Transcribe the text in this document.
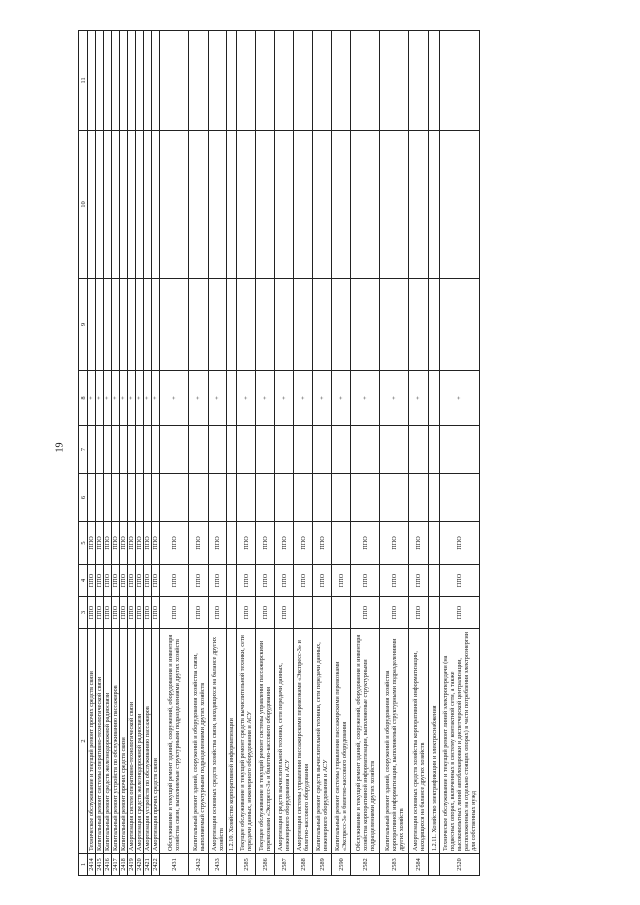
19
1	2	3	4	5	6	7	8	9	10	11
2414	Техническое обслуживание и текущий ремонт прочих средств связи	ППО	ППО	ППО			+			
2415	Капитальный ремонт системы оперативно-технологической связи	ППО	ППО	ППО			+			
2416	Капитальный ремонт средств железнодорожной радиосвязи	ППО	ППО	ППО			+			
2417	Капитальный ремонт устройств по обслуживанию пассажиров	ППО	ППО	ППО			+			
2418	Капитальный ремонт прочих средств связи	ППО	ППО	ППО			+			
2419	Амортизация систем оперативно-технологической связи	ППО	ППО	ППО			+			
2420	Амортизация средств железнодорожной радиосвязи	ППО	ППО	ППО			+			
2421	Амортизация устройств по обслуживанию пассажиров	ППО	ППО	ППО			+			
2422	Амортизация прочих средств связи	ППО	ППО	ППО			+			
2431	Обслуживание и текущий ремонт зданий, сооружений, оборудования и инвентаря хозяйства связи, выполняемые структурными подразделениями других хозяйств	ППО	ППО	ППО			+			
2432	Капитальный ремонт зданий, сооружений и оборудования хозяйства связи, выполняемый структурными подразделениями других хозяйств	ППО	ППО	ППО			+			
2433	Амортизация основных средств хозяйства связи, находящихся на балансе других хозяйств	ППО	ППО	ППО			+			
	1.2.10. Хозяйство корпоративной информатизации									
2585	Текущее обслуживание и текущий ремонт средств вычислительной техники, сети передачи данных, инженерного оборудования и АСУ	ППО	ППО	ППО			+			
2586	Текущее обслуживание и текущий ремонт системы управления пассажирскими перевозками «Экспресс-3» и билетно-кассового оборудования	ППО	ППО	ППО			+			
2587	Амортизация средств вычислительной техники, сети передачи данных, инженерного оборудования и АСУ	ППО	ППО	ППО			+			
2588	Амортизация системы управления пассажирскими перевозками «Экспресс-3» и билетно-кассового оборудования		ППО	ППО			+			
2589	Капитальный ремонт средств вычислительной техники, сети передачи данных, инженерного оборудования и АСУ		ППО	ППО			+			
2590	Капитальный ремонт системы управления пассажирскими перевозками «Экспресс-3» и билетно-кассового оборудования		ППО				+			
2582	Обслуживание и текущий ремонт зданий, сооружений, оборудования и инвентаря хозяйства корпоративной информатизации, выполняемые структурными подразделениями других хозяйств	ППО	ППО	ППО			+			
2583	Капитальный ремонт зданий, сооружений и оборудования хозяйства корпоративной информатизации, выполняемый структурными подразделениями других хозяйств	ППО	ППО	ППО			+			
2584	Амортизация основных средств хозяйства корпоративной информатизации, находящихся на балансе других хозяйств	ППО	ППО	ППО			+			
	1.2.11. Хозяйство электрификации и электроснабжения									
2520	Техническое обслуживание и текущий ремонт линий электропередачи (на подвесных опорах, включенных в систему контактной сети, а также высоковольтных линий автоблокировки и диспетчерской централизации, расположенных на отдельно стоящих опорах) в части потребления электроэнергии для собственных нужд	ППО	ППО	ППО			+			
